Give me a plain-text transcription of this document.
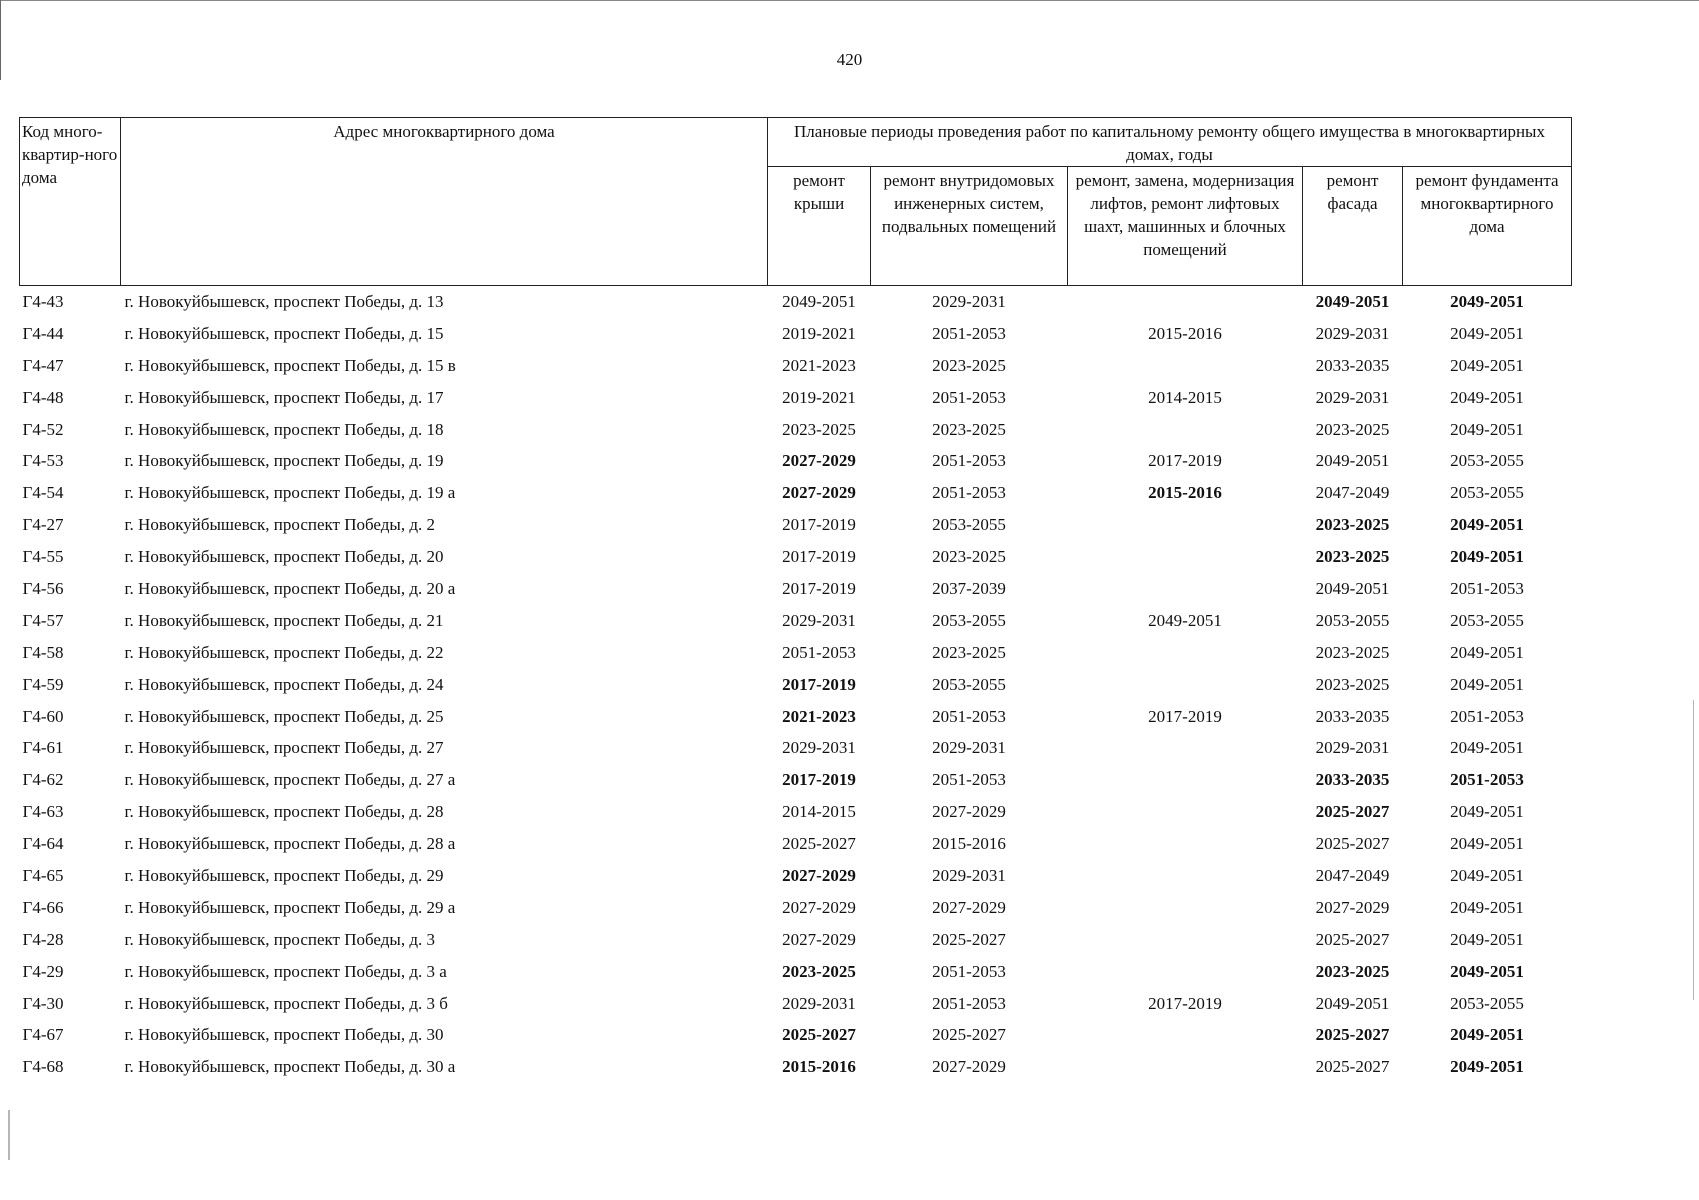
420
Код много-квартир-ного дома	Адрес многоквартирного дома	Плановые периоды проведения работ по капитальному ремонту общего имущества в многоквартирных домах, годы				
		ремонт крыши	ремонт внутридомовых инженерных систем, подвальных помещений	ремонт, замена, модернизация лифтов, ремонт лифтовых шахт, машинных и блочных помещений	ремонт фасада	ремонт фундамента многоквартирного дома
Г4-43	г. Новокуйбышевск, проспект Победы, д. 13	2049-2051	2029-2031		2049-2051	2049-2051
Г4-44	г. Новокуйбышевск, проспект Победы, д. 15	2019-2021	2051-2053	2015-2016	2029-2031	2049-2051
Г4-47	г. Новокуйбышевск, проспект Победы, д. 15 в	2021-2023	2023-2025		2033-2035	2049-2051
Г4-48	г. Новокуйбышевск, проспект Победы, д. 17	2019-2021	2051-2053	2014-2015	2029-2031	2049-2051
Г4-52	г. Новокуйбышевск, проспект Победы, д. 18	2023-2025	2023-2025		2023-2025	2049-2051
Г4-53	г. Новокуйбышевск, проспект Победы, д. 19	2027-2029	2051-2053	2017-2019	2049-2051	2053-2055
Г4-54	г. Новокуйбышевск, проспект Победы, д. 19 а	2027-2029	2051-2053	2015-2016	2047-2049	2053-2055
Г4-27	г. Новокуйбышевск, проспект Победы, д. 2	2017-2019	2053-2055		2023-2025	2049-2051
Г4-55	г. Новокуйбышевск, проспект Победы, д. 20	2017-2019	2023-2025		2023-2025	2049-2051
Г4-56	г. Новокуйбышевск, проспект Победы, д. 20 а	2017-2019	2037-2039		2049-2051	2051-2053
Г4-57	г. Новокуйбышевск, проспект Победы, д. 21	2029-2031	2053-2055	2049-2051	2053-2055	2053-2055
Г4-58	г. Новокуйбышевск, проспект Победы, д. 22	2051-2053	2023-2025		2023-2025	2049-2051
Г4-59	г. Новокуйбышевск, проспект Победы, д. 24	2017-2019	2053-2055		2023-2025	2049-2051
Г4-60	г. Новокуйбышевск, проспект Победы, д. 25	2021-2023	2051-2053	2017-2019	2033-2035	2051-2053
Г4-61	г. Новокуйбышевск, проспект Победы, д. 27	2029-2031	2029-2031		2029-2031	2049-2051
Г4-62	г. Новокуйбышевск, проспект Победы, д. 27 а	2017-2019	2051-2053		2033-2035	2051-2053
Г4-63	г. Новокуйбышевск, проспект Победы, д. 28	2014-2015	2027-2029		2025-2027	2049-2051
Г4-64	г. Новокуйбышевск, проспект Победы, д. 28 а	2025-2027	2015-2016		2025-2027	2049-2051
Г4-65	г. Новокуйбышевск, проспект Победы, д. 29	2027-2029	2029-2031		2047-2049	2049-2051
Г4-66	г. Новокуйбышевск, проспект Победы, д. 29 а	2027-2029	2027-2029		2027-2029	2049-2051
Г4-28	г. Новокуйбышевск, проспект Победы, д. 3	2027-2029	2025-2027		2025-2027	2049-2051
Г4-29	г. Новокуйбышевск, проспект Победы, д. 3 а	2023-2025	2051-2053		2023-2025	2049-2051
Г4-30	г. Новокуйбышевск, проспект Победы, д. 3 б	2029-2031	2051-2053	2017-2019	2049-2051	2053-2055
Г4-67	г. Новокуйбышевск, проспект Победы, д. 30	2025-2027	2025-2027		2025-2027	2049-2051
Г4-68	г. Новокуйбышевск, проспект Победы, д. 30 а	2015-2016	2027-2029		2025-2027	2049-2051
